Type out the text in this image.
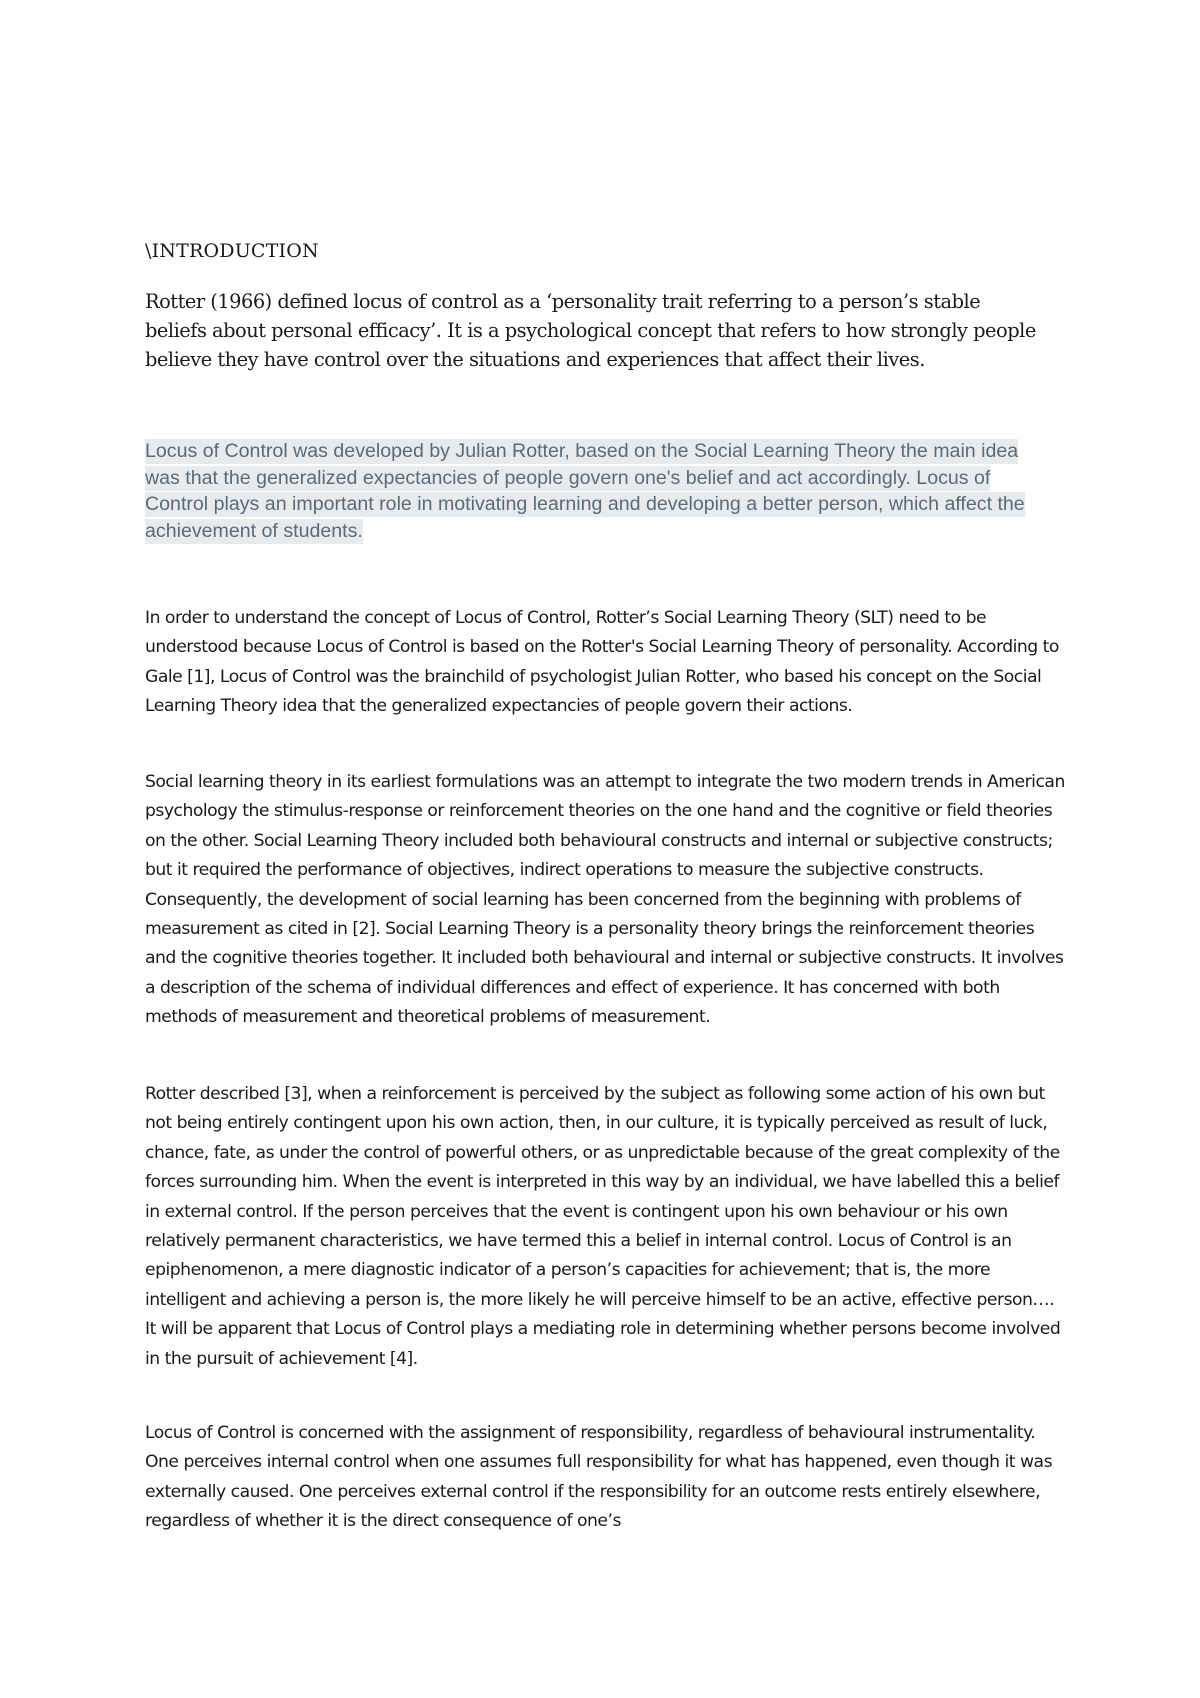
\INTRODUCTION

Rotter (1966) defined locus of control as a ‘personality trait referring to a person’s stable beliefs about personal efficacy’. It is a psychological concept that refers to how strongly people believe they have control over the situations and experiences that affect their lives.

Locus of Control was developed by Julian Rotter, based on the Social Learning Theory the main idea was that the generalized expectancies of people govern one's belief and act accordingly. Locus of Control plays an important role in motivating learning and developing a better person, which affect the achievement of students.

In order to understand the concept of Locus of Control, Rotter’s Social Learning Theory (SLT) need to be understood because Locus of Control is based on the Rotter's Social Learning Theory of personality. According to Gale [1], Locus of Control was the brainchild of psychologist Julian Rotter, who based his concept on the Social Learning Theory idea that the generalized expectancies of people govern their actions.

Social learning theory in its earliest formulations was an attempt to integrate the two modern trends in American psychology the stimulus-response or reinforcement theories on the one hand and the cognitive or field theories on the other. Social Learning Theory included both behavioural constructs and internal or subjective constructs; but it required the performance of objectives, indirect operations to measure the subjective constructs. Consequently, the development of social learning has been concerned from the beginning with problems of measurement as cited in [2]. Social Learning Theory is a personality theory brings the reinforcement theories and the cognitive theories together. It included both behavioural and internal or subjective constructs. It involves a description of the schema of individual differences and effect of experience. It has concerned with both methods of measurement and theoretical problems of measurement.

Rotter described [3], when a reinforcement is perceived by the subject as following some action of his own but not being entirely contingent upon his own action, then, in our culture, it is typically perceived as result of luck, chance, fate, as under the control of powerful others, or as unpredictable because of the great complexity of the forces surrounding him. When the event is interpreted in this way by an individual, we have labelled this a belief in external control. If the person perceives that the event is contingent upon his own behaviour or his own relatively permanent characteristics, we have termed this a belief in internal control. Locus of Control is an epiphenomenon, a mere diagnostic indicator of a person’s capacities for achievement; that is, the more intelligent and achieving a person is, the more likely he will perceive himself to be an active, effective person…. It will be apparent that Locus of Control plays a mediating role in determining whether persons become involved in the pursuit of achievement [4].

Locus of Control is concerned with the assignment of responsibility, regardless of behavioural instrumentality. One perceives internal control when one assumes full responsibility for what has happened, even though it was externally caused. One perceives external control if the responsibility for an outcome rests entirely elsewhere, regardless of whether it is the direct consequence of one’s
